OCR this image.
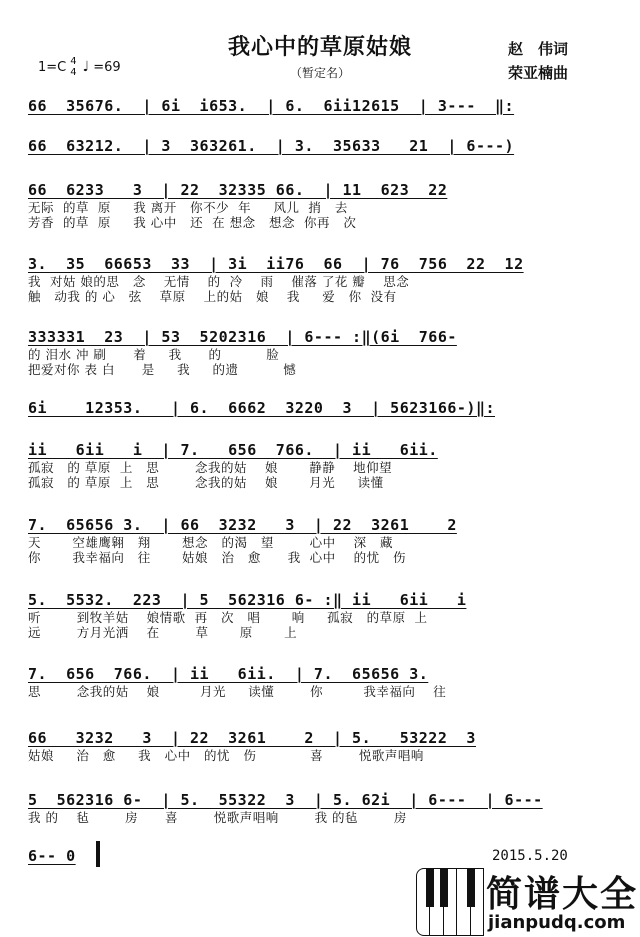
我心中的草原姑娘
（暂定名）
1=C 4
4 ♩ =69
赵　伟词
荣亚楠曲
66  35676.  | 6i  i653.  | 6.  6ii12615  | 3---  ‖:
66  63212.  | 3  363261.  | 3.  35633   21  | 6---)
66  6233   3  | 22  32335 66.  | 11  623  22
无际  的草  原     我 离开   你不少  年     风儿  捎   去
芳香  的草  原     我 心中   还  在 想念   想念  你再   次
3.  35  66653  33  | 3i  ii76  66  | 76  756  22  12
我  对姑 娘的思   念    无情    的  冷    雨    催落 了花 瓣    思念
触   动我 的 心   弦    草原    上的姑   娘    我     爱   你  没有
333331  23  | 53  5202316  | 6--- :‖(6i  766-
的 泪水 冲 刷      着     我      的          脸
把爱对你 表 白      是     我     的遗          憾
6i    12353.   | 6.  6662  3220  3  | 5623166-)‖:
ii   6ii   i  | 7.   656  766.  | ii   6ii.
孤寂   的 草原  上   思        念我的姑    娘       静静    地仰望
孤寂   的 草原  上   思        念我的姑    娘       月光     读懂
7.  65656 3.  | 66  3232   3  | 22  3261    2
天       空雄鹰翱   翔       想念   的渴   望        心中    深   藏
你       我幸福向   往       姑娘   治   愈      我  心中    的忧   伤
5.  5532.  223  | 5  562316 6- :‖ ii   6ii   i
听        到牧羊姑    娘情歌  再   次   唱       响     孤寂   的草原  上
远        方月光洒    在        草       原       上
7.  656  766.  | ii   6ii.  | 7.  65656 3.
思        念我的姑    娘         月光     读懂        你         我幸福向    往
66   3232   3  | 22  3261    2  | 5.   53222  3
姑娘     治   愈     我   心中   的忧   伤            喜        悦歌声唱响
5  562316 6-  | 5.  55322  3  | 5. 62i  | 6---  | 6---
我 的    毡        房      喜        悦歌声唱响        我 的毡        房
6-- 0	2015.5.20
简谱大全
jianpudq.com
